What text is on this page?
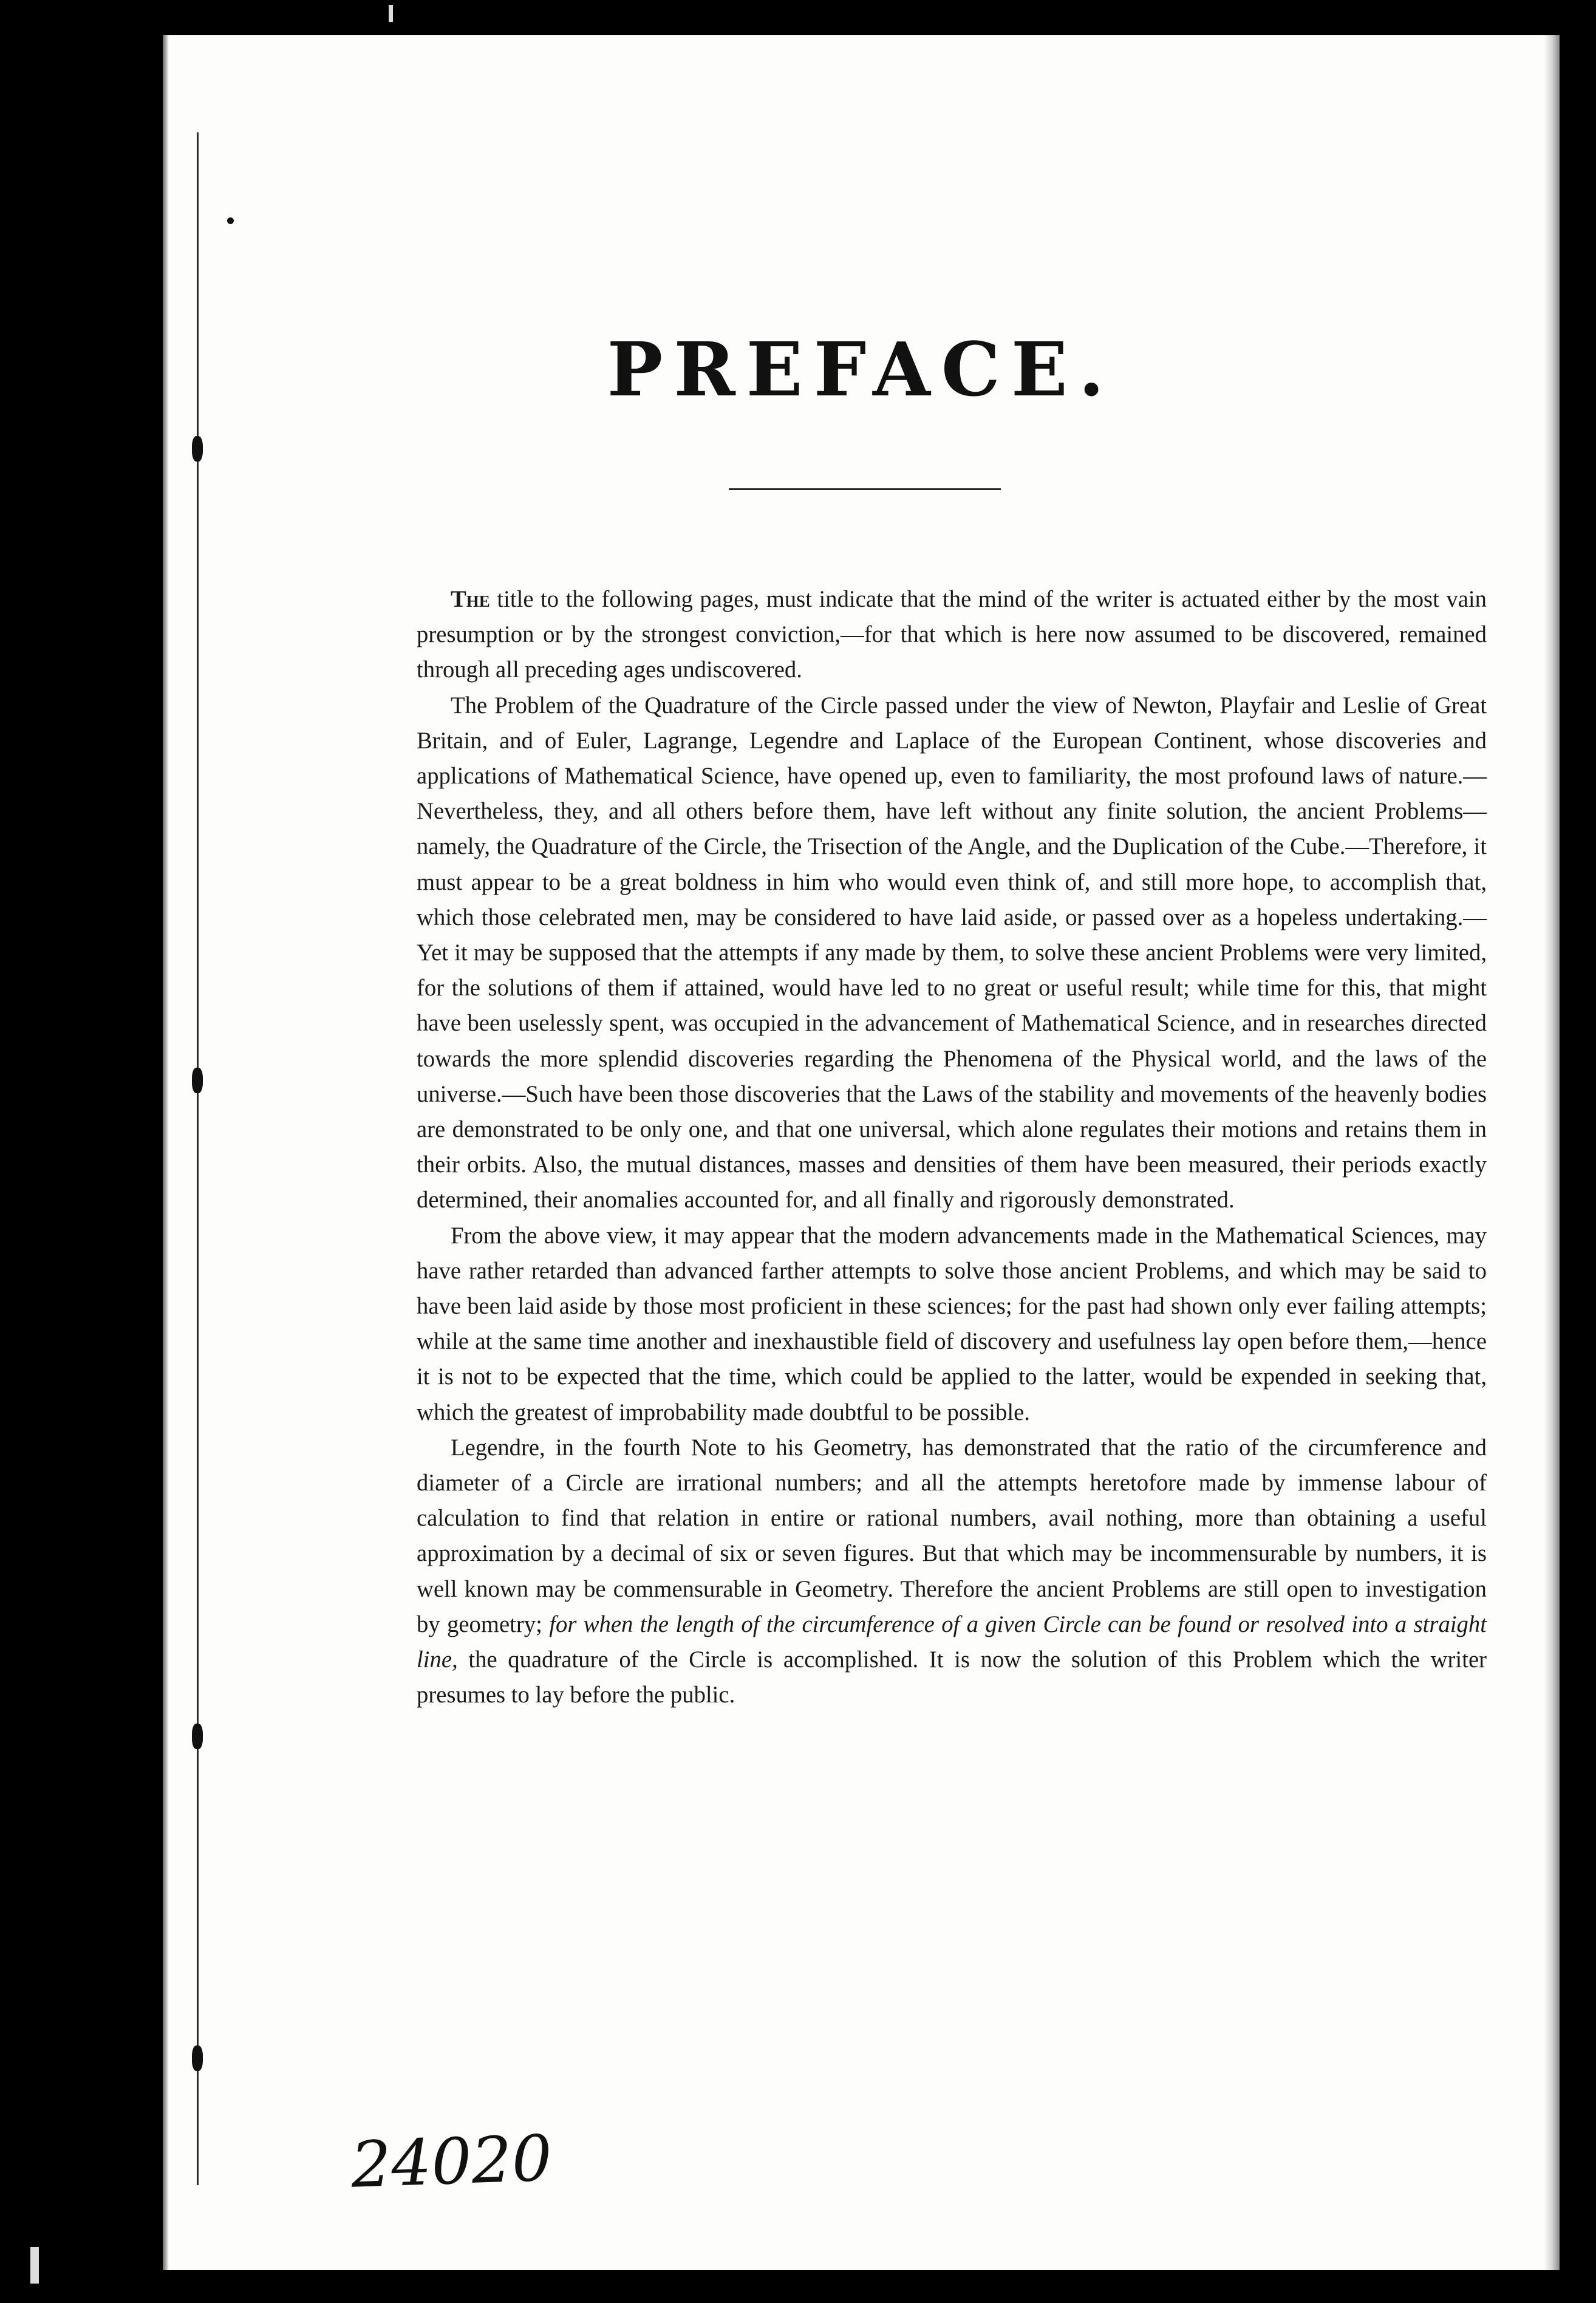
PREFACE.

The title to the following pages, must indicate that the mind of the writer is actuated either by the most vain presumption or by the strongest conviction,—for that which is here now assumed to be discovered, remained through all preceding ages undiscovered.

The Problem of the Quadrature of the Circle passed under the view of Newton, Playfair and Leslie of Great Britain, and of Euler, Lagrange, Legendre and Laplace of the European Continent, whose discoveries and applications of Mathematical Science, have opened up, even to familiarity, the most profound laws of nature.—Nevertheless, they, and all others before them, have left without any finite solution, the ancient Problems—namely, the Quadrature of the Circle, the Trisection of the Angle, and the Duplication of the Cube.—Therefore, it must appear to be a great boldness in him who would even think of, and still more hope, to accomplish that, which those celebrated men, may be considered to have laid aside, or passed over as a hopeless undertaking.—Yet it may be supposed that the attempts if any made by them, to solve these ancient Problems were very limited, for the solutions of them if attained, would have led to no great or useful result; while time for this, that might have been uselessly spent, was occupied in the advancement of Mathematical Science, and in researches directed towards the more splendid discoveries regarding the Phenomena of the Physical world, and the laws of the universe.—Such have been those discoveries that the Laws of the stability and movements of the heavenly bodies are demonstrated to be only one, and that one universal, which alone regulates their motions and retains them in their orbits. Also, the mutual distances, masses and densities of them have been measured, their periods exactly determined, their anomalies accounted for, and all finally and rigorously demonstrated.

From the above view, it may appear that the modern advancements made in the Mathematical Sciences, may have rather retarded than advanced farther attempts to solve those ancient Problems, and which may be said to have been laid aside by those most proficient in these sciences; for the past had shown only ever failing attempts; while at the same time another and inexhaustible field of discovery and usefulness lay open before them,—hence it is not to be expected that the time, which could be applied to the latter, would be expended in seeking that, which the greatest of improbability made doubtful to be possible.

Legendre, in the fourth Note to his Geometry, has demonstrated that the ratio of the circumference and diameter of a Circle are irrational numbers; and all the attempts heretofore made by immense labour of calculation to find that relation in entire or rational numbers, avail nothing, more than obtaining a useful approximation by a decimal of six or seven figures. But that which may be incommensurable by numbers, it is well known may be commensurable in Geometry. Therefore the ancient Problems are still open to investigation by geometry; for when the length of the circumference of a given Circle can be found or resolved into a straight line, the quadrature of the Circle is accomplished. It is now the solution of this Problem which the writer presumes to lay before the public.

24020
